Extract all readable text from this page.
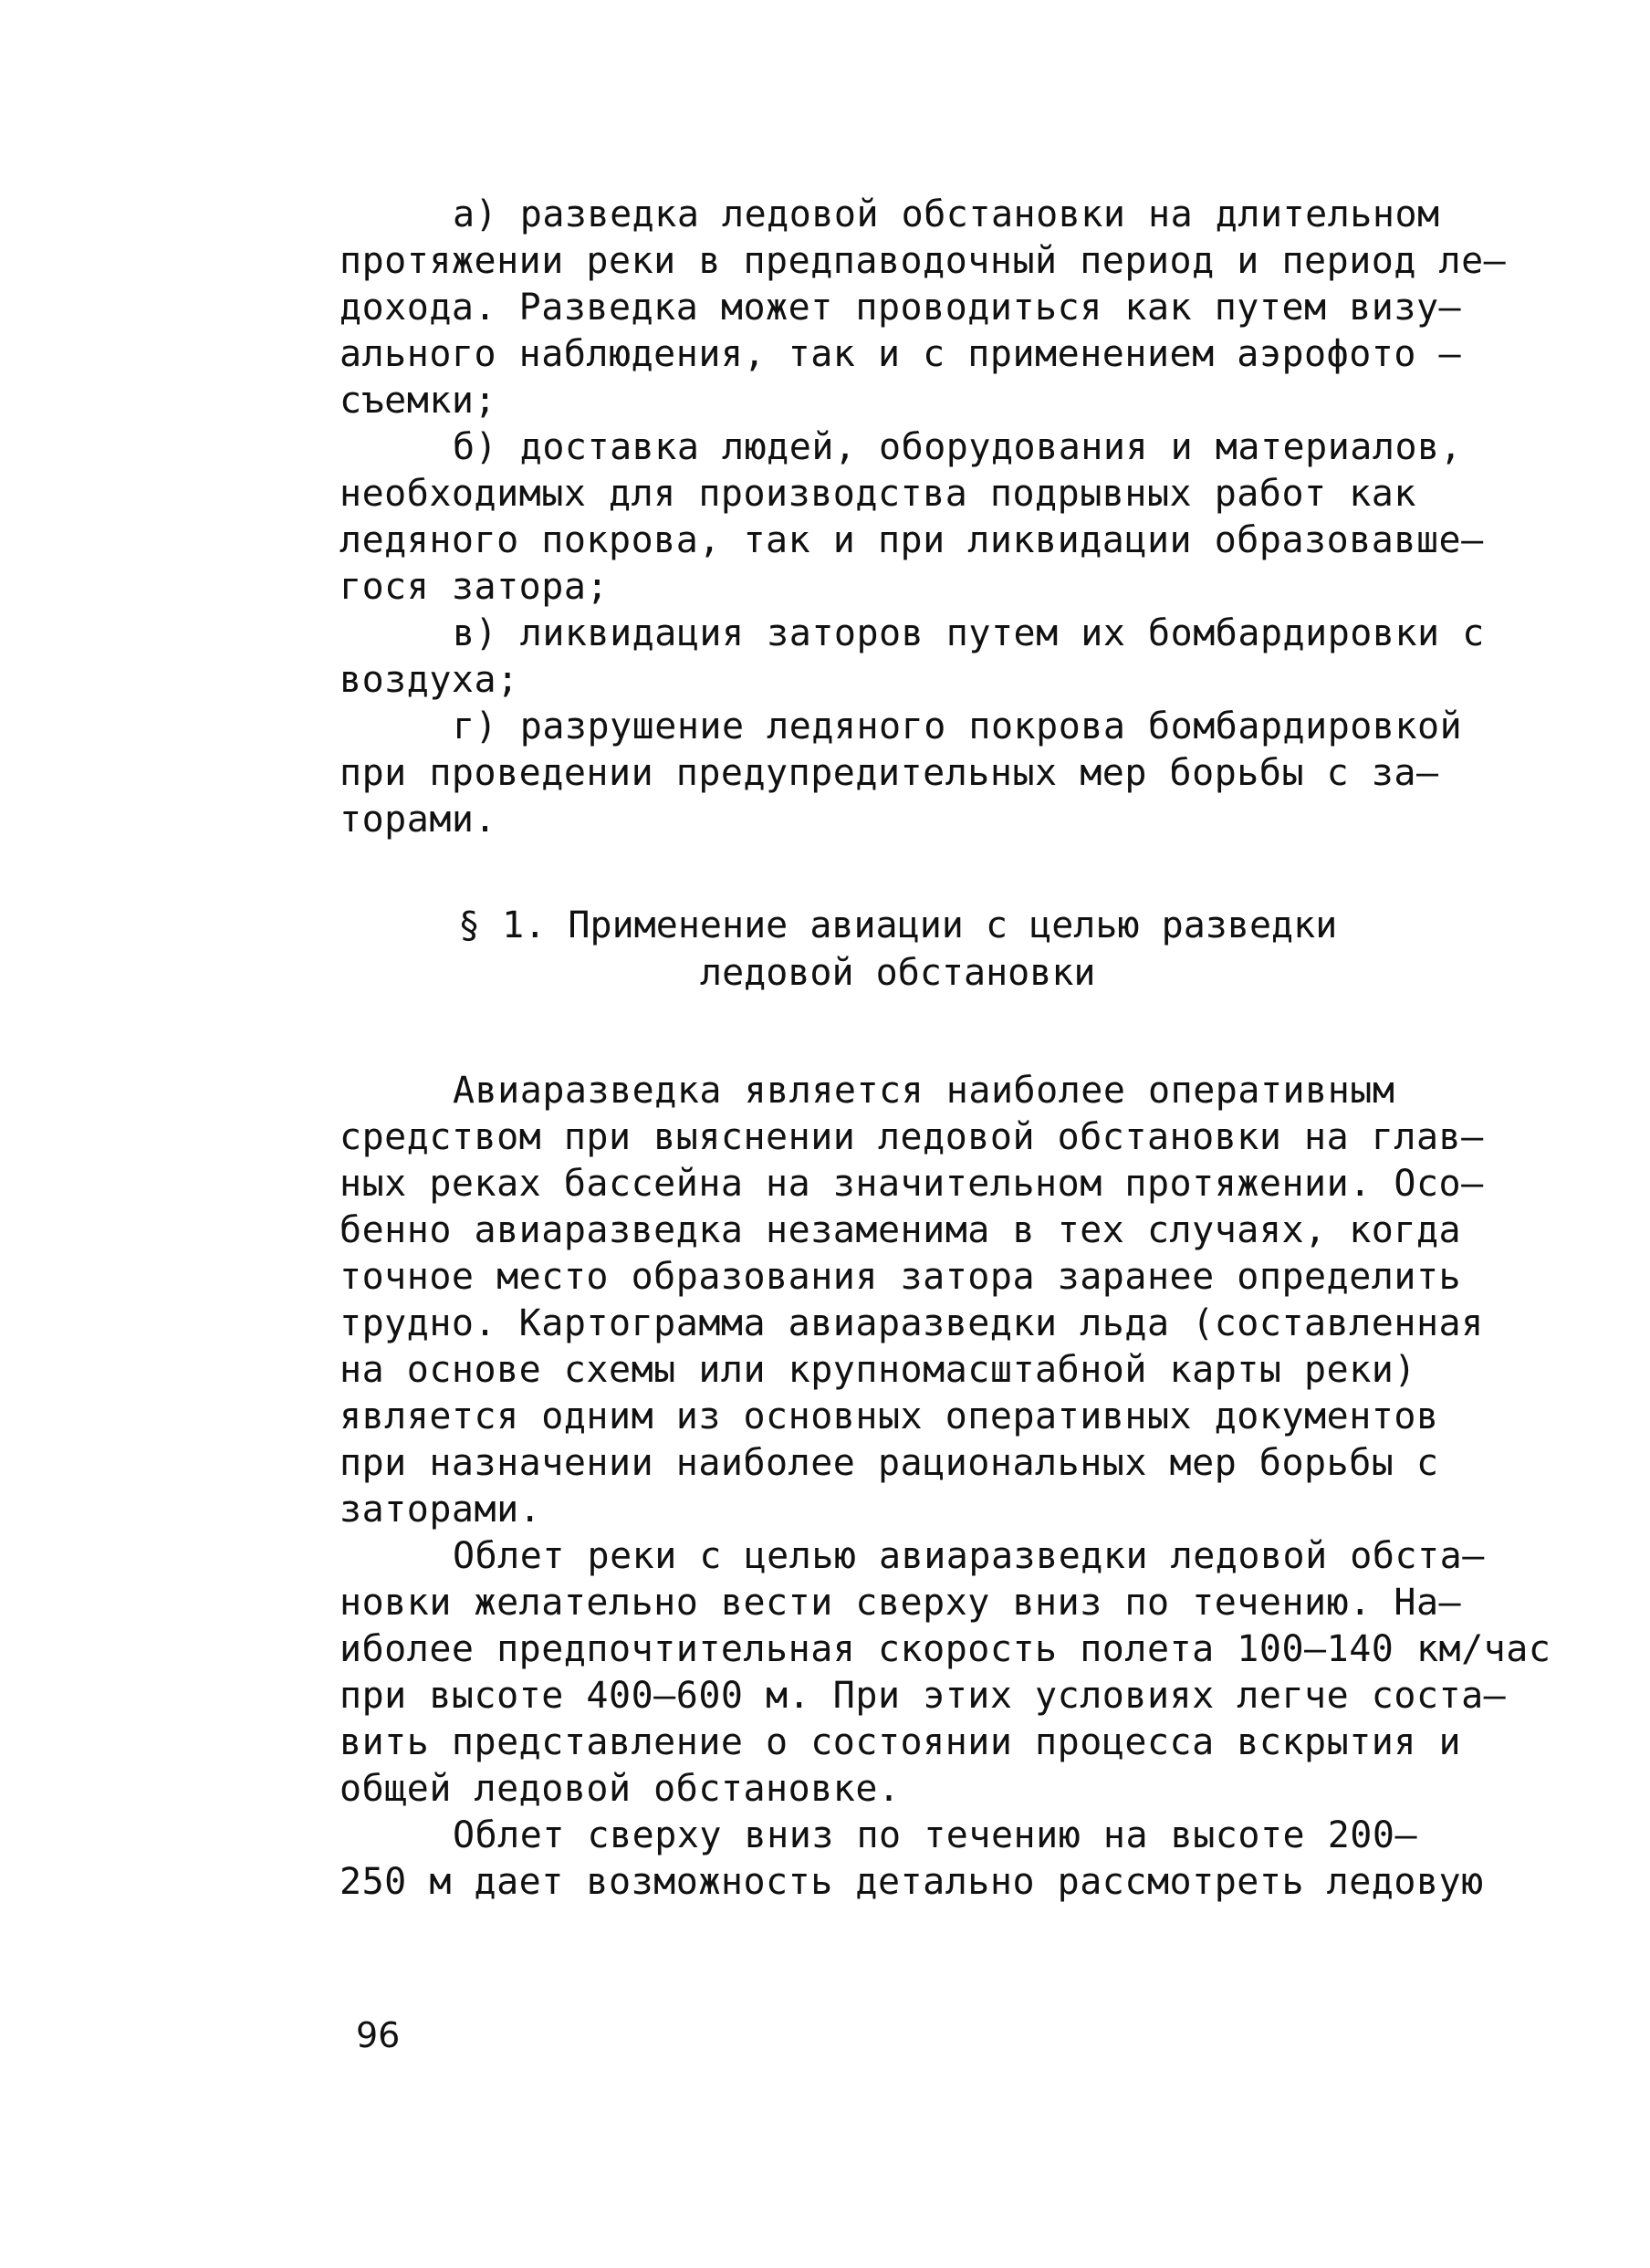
а) разведка ледовой обстановки на длительном
протяжении реки в предпаводочный период и период ле–
дохода. Разведка может проводиться как путем визу–
ального наблюдения, так и с применением аэрофото –
съемки;
б) доставка людей, оборудования и материалов,
необходимых для производства подрывных работ как
ледяного покрова, так и при ликвидации образовавше–
гося затора;
в) ликвидация заторов путем их бомбардировки с
воздуха;
г) разрушение ледяного покрова бомбардировкой
при проведении предупредительных мер борьбы с за–
торами.
§ 1. Применение авиации с целью разведки
ледовой обстановки
Авиаразведка является наиболее оперативным
средством при выяснении ледовой обстановки на глав–
ных реках бассейна на значительном протяжении. Осо–
бенно авиаразведка незаменима в тех случаях, когда
точное место образования затора заранее определить
трудно. Картограмма авиаразведки льда (составленная
на основе схемы или крупномасштабной карты реки)
является одним из основных оперативных документов
при назначении наиболее рациональных мер борьбы с
заторами.
Облет реки с целью авиаразведки ледовой обста–
новки желательно вести сверху вниз по течению. На–
иболее предпочтительная скорость полета 100–140 км/час
при высоте 400–600 м. При этих условиях легче соста–
вить представление о состоянии процесса вскрытия и
общей ледовой обстановке.
Облет сверху вниз по течению на высоте 200–
250 м дает возможность детально рассмотреть ледовую
96
